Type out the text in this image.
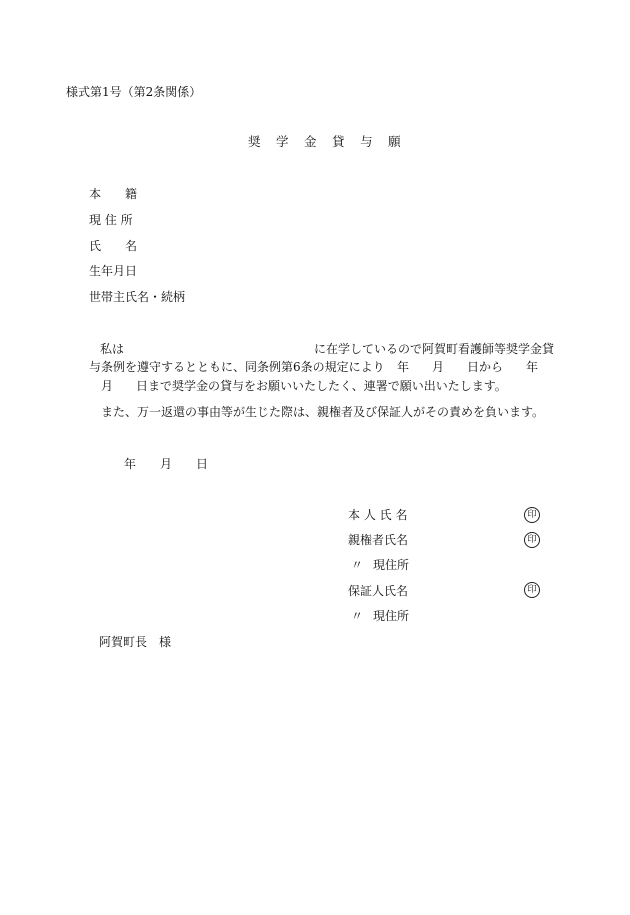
様式第1号（第2条関係）
奨 学 金 貸 与 願
本　　籍
現 住 所
氏　　名
生年月日
世帯主氏名・続柄
私は	に在学しているので阿賀町看護師等奨学金貸
与条例を遵守するとともに、同条例第6条の規定により 年 月 日から 年
月 日まで奨学金の貸与をお願いいたしたく、連署で願い出いたします。
また、万一返還の事由等が生じた際は、親権者及び保証人がその責めを負います。
年 月 日
本 人 氏 名	印
親権者氏名	印
〃 現住所
保証人氏名	印
〃 現住所
阿賀町長　様
